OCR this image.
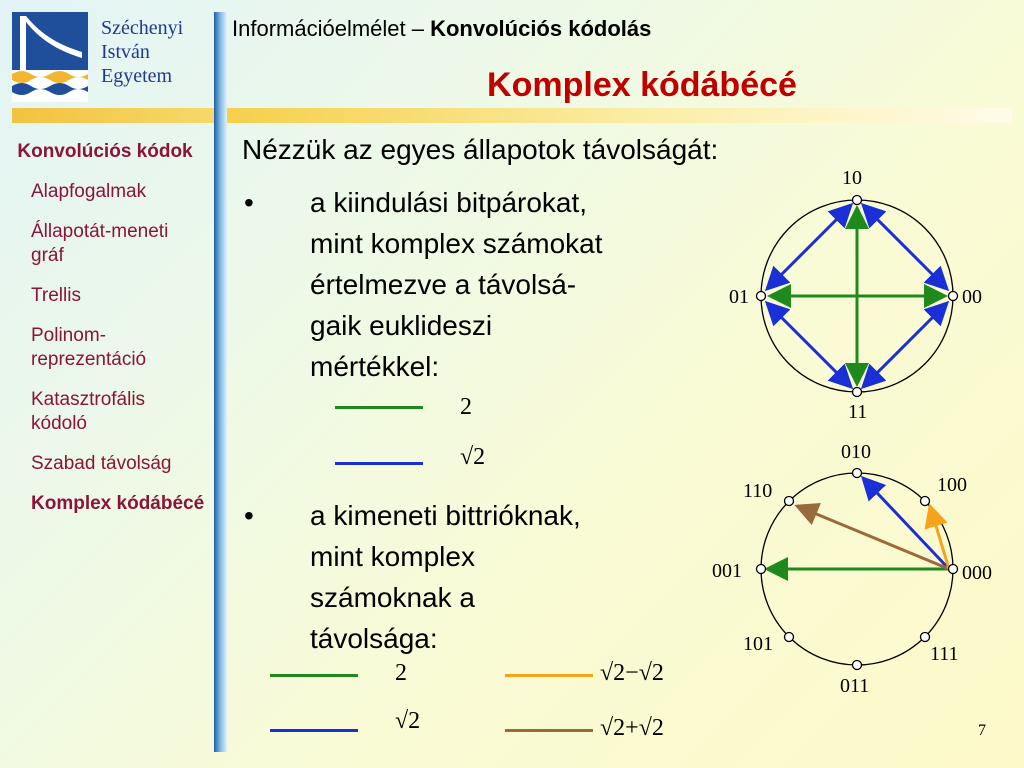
Széchenyi
István
Egyetem
Információelmélet – Konvolúciós kódolás
Komplex kódábécé
Konvolúciós kódok
Alapfogalmak
Állapotát-meneti gráf
Trellis
Polinom-reprezentáció
Katasztrofális kódoló
Szabad távolság
Komplex kódábécé
Nézzük az egyes állapotok távolságát:
• a kiindulási bitpárokat,
mint komplex számokat
értelmezve a távolsá-
gaik euklideszi
mértékkel:
2
√2
• a kimeneti bittrióknak,
mint komplex
számoknak a
távolsága:
2
√2
√2−√2
√2+√2
10
01	00
11
010
110	100
001	000
101	111
011
7
